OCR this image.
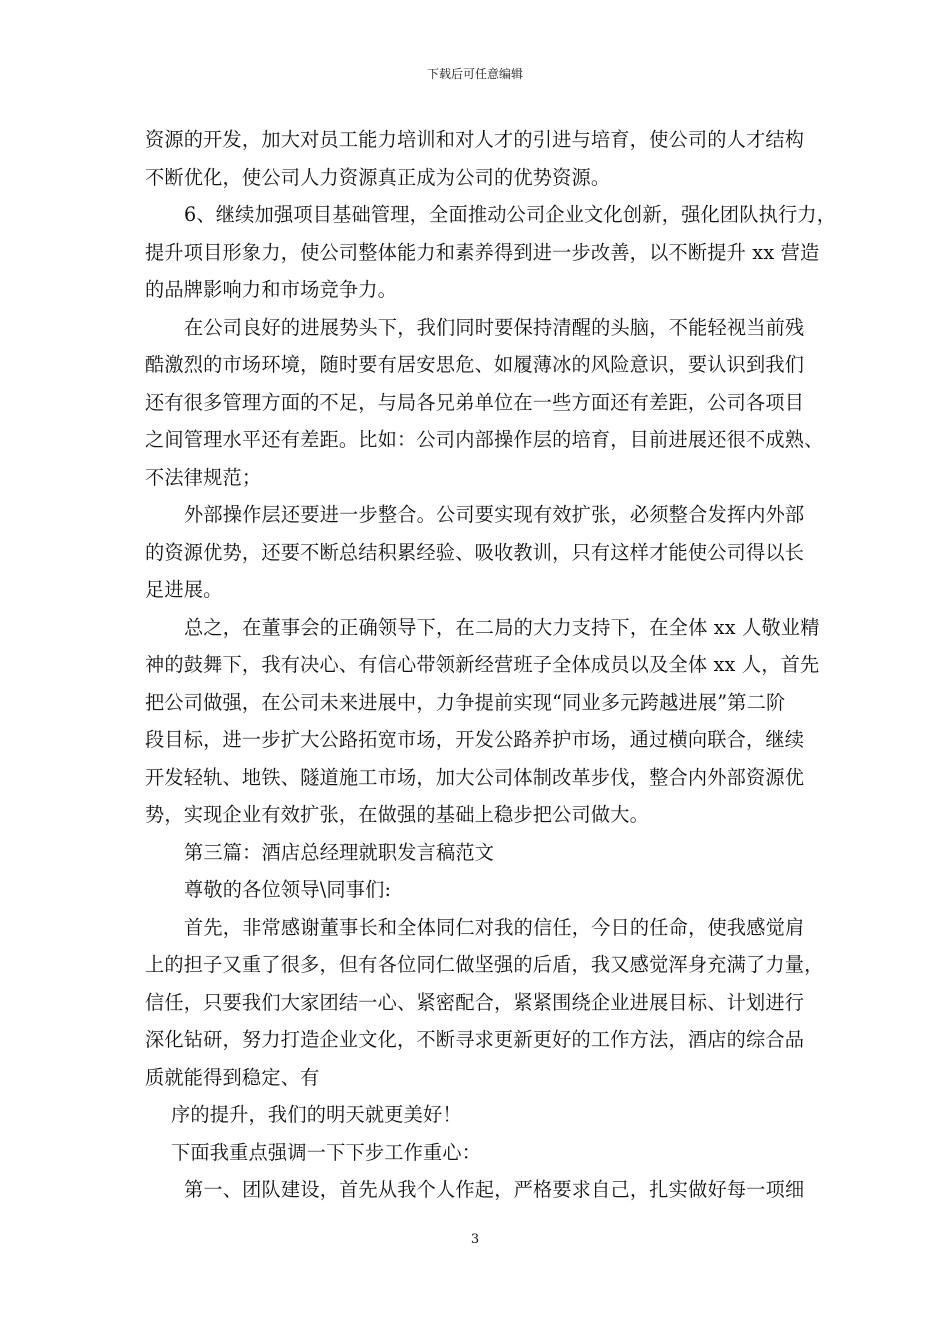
下载后可任意编辑
资源的开发，加大对员工能力培训和对人才的引进与培育，使公司的人才结构
不断优化，使公司人力资源真正成为公司的优势资源。
6、继续加强项目基础管理，全面推动公司企业文化创新，强化团队执行力，
提升项目形象力，使公司整体能力和素养得到进一步改善，以不断提升 xx 营造
的品牌影响力和市场竞争力。
在公司良好的进展势头下，我们同时要保持清醒的头脑，不能轻视当前残
酷激烈的市场环境，随时要有居安思危、如履薄冰的风险意识，要认识到我们
还有很多管理方面的不足，与局各兄弟单位在一些方面还有差距，公司各项目
之间管理水平还有差距。比如：公司内部操作层的培育，目前进展还很不成熟、
不法律规范；
外部操作层还要进一步整合。公司要实现有效扩张，必须整合发挥内外部
的资源优势，还要不断总结积累经验、吸收教训，只有这样才能使公司得以长
足进展。
总之，在董事会的正确领导下，在二局的大力支持下，在全体 xx 人敬业精
神的鼓舞下，我有决心、有信心带领新经营班子全体成员以及全体 xx 人，首先
把公司做强，在公司未来进展中，力争提前实现“同业多元跨越进展”第二阶
段目标，进一步扩大公路拓宽市场，开发公路养护市场，通过横向联合，继续
开发轻轨、地铁、隧道施工市场，加大公司体制改革步伐，整合内外部资源优
势，实现企业有效扩张，在做强的基础上稳步把公司做大。
第三篇：酒店总经理就职发言稿范文
尊敬的各位领导\同事们:
首先，非常感谢董事长和全体同仁对我的信任，今日的任命，使我感觉肩
上的担子又重了很多，但有各位同仁做坚强的后盾，我又感觉浑身充满了力量，
信任，只要我们大家团结一心、紧密配合，紧紧围绕企业进展目标、计划进行
深化钻研，努力打造企业文化，不断寻求更新更好的工作方法，酒店的综合品
质就能得到稳定、有
序的提升，我们的明天就更美好！
下面我重点强调一下下步工作重心：
第一、团队建设，首先从我个人作起，严格要求自己，扎实做好每一项细
3
